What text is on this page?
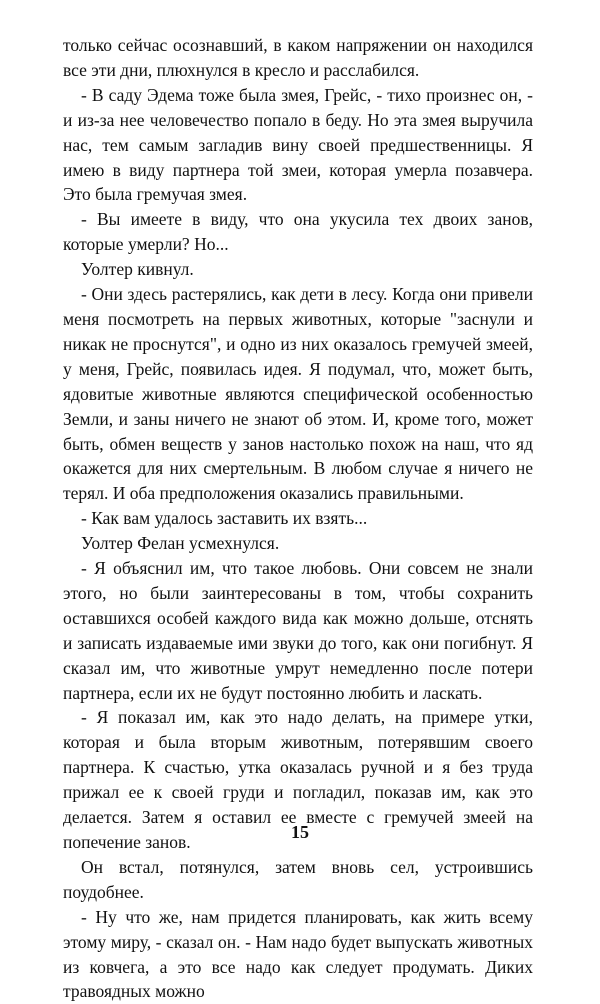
только сейчас осознавший, в каком напряжении он находился все эти дни, плюхнулся в кресло и расслабился.

- В саду Эдема тоже была змея, Грейс, - тихо произнес он, - и из-за нее человечество попало в беду. Но эта змея выручила нас, тем самым загладив вину своей предшественницы. Я имею в виду партнера той змеи, которая умерла позавчера. Это была гремучая змея.

- Вы имеете в виду, что она укусила тех двоих занов, которые умерли? Но...

Уолтер кивнул.

- Они здесь растерялись, как дети в лесу. Когда они привели меня посмотреть на первых животных, которые "заснули и никак не проснутся", и одно из них оказалось гремучей змеей, у меня, Грейс, появилась идея. Я подумал, что, может быть, ядовитые животные являются специфической особенностью Земли, и заны ничего не знают об этом. И, кроме того, может быть, обмен веществ у занов настолько похож на наш, что яд окажется для них смертельным. В любом случае я ничего не терял. И оба предположения оказались правильными.

- Как вам удалось заставить их взять...

Уолтер Фелан усмехнулся.

- Я объяснил им, что такое любовь. Они совсем не знали этого, но были заинтересованы в том, чтобы сохранить оставшихся особей каждого вида как можно дольше, отснять и записать издаваемые ими звуки до того, как они погибнут. Я сказал им, что животные умрут немедленно после потери партнера, если их не будут постоянно любить и ласкать.

- Я показал им, как это надо делать, на примере утки, которая и была вторым животным, потерявшим своего партнера. К счастью, утка оказалась ручной и я без труда прижал ее к своей груди и погладил, показав им, как это делается. Затем я оставил ее вместе с гремучей змеей на попечение занов.

Он встал, потянулся, затем вновь сел, устроившись поудобнее.

- Ну что же, нам придется планировать, как жить всему этому миру, - сказал он. - Нам надо будет выпускать животных из ковчега, а это все надо как следует продумать. Диких травоядных можно

15
